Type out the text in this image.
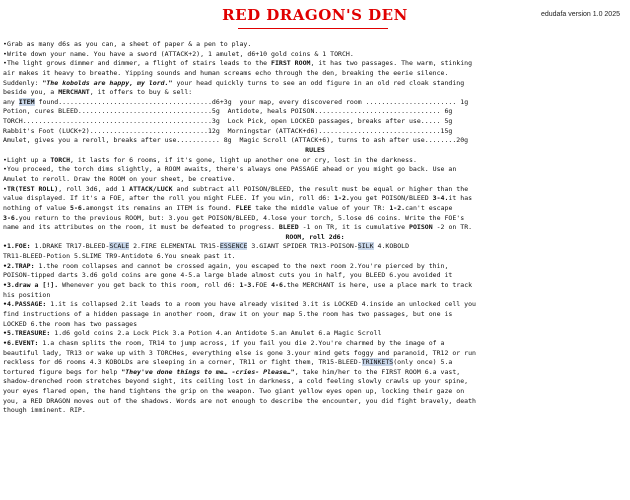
RED DRAGON'S DEN	edudafa version 1.0 2025
•Grab as many d6s as you can, a sheet of paper & a pen to play.
•Write down your name. You have a sword (ATTACK+2), 1 amulet, d6+10 gold coins & 1 TORCH.
•The light grows dimmer and dimmer, a flight of stairs leads to the FIRST ROOM, it has two passages. The warm, stinking
air makes it heavy to breathe. Yipping sounds and human screams echo through the den, breaking the eerie silence.
Suddenly: "The kobolds are happy, my lord." your head quickly turns to see an odd figure in an old red cloak standing
beside you, a MERCHANT, it offers to buy & sell:
any ITEM found.......................................d6+3g  your map, every discovered room ....................... 1g
Potion, cures BLEED..................................5g  Antidote, heals POISON................................ 6g
TORCH................................................3g  Lock Pick, open LOCKED passages, breaks after use..... 5g
Rabbit's Foot (LUCK+2)..............................12g  Morningstar (ATTACK+d6)...............................15g
Amulet, gives you a reroll, breaks after use........... 8g  Magic Scroll (ATTACK+6), turns to ash after use........20g
RULES
•Light up a TORCH, it lasts for 6 rooms, if it's gone, light up another one or cry, lost in the darkness.
•You proceed, the torch dims slightly, a ROOM awaits, there's always one PASSAGE ahead or you might go back. Use an
Amulet to reroll. Draw the ROOM on your sheet, be creative.
•TR(TEST ROLL), roll 3d6, add 1 ATTACK/LUCK and subtract all POISON/BLEED, the result must be equal or higher than the
value displayed. If it's a FOE, after the roll you might FLEE. If you win, roll d6: 1-2.you get POISON/BLEED 3-4.it has
nothing of value 5-6.amongst its remains an ITEM is found. FLEE take the middle value of your TR: 1-2.can't escape
3-6.you return to the previous ROOM, but: 3.you get POISON/BLEED, 4.lose your torch, 5.lose d6 coins. Write the FOE's
name and its attributes on the room, it must be defeated to progress. BLEED -1 on TR, it is cumulative POISON -2 on TR.
ROOM, roll 2d6:
•1.FOE: 1.DRAKE TR17-BLEED-SCALE 2.FIRE ELEMENTAL TR15-ESSENCE 3.GIANT SPIDER TR13-POISON-SILK 4.KOBOLD
TR11-BLEED-Potion 5.SLIME TR9-Antidote 6.You sneak past it.
•2.TRAP: 1.the room collapses and cannot be crossed again, you escaped to the next room 2.You're pierced by thin,
POISON-tipped darts 3.d6 gold coins are gone 4-5.a large blade almost cuts you in half, you BLEED 6.you avoided it
•3.draw a [!]. Whenever you get back to this room, roll d6: 1-3.FOE 4-6.the MERCHANT is here, use a place mark to track
his position
•4.PASSAGE: 1.it is collapsed 2.it leads to a room you have already visited 3.it is LOCKED 4.inside an unlocked cell you
find instructions of a hidden passage in another room, draw it on your map 5.the room has two passages, but one is
LOCKED 6.the room has two passages
•5.TREASURE: 1.d6 gold coins 2.a Lock Pick 3.a Potion 4.an Antidote 5.an Amulet 6.a Magic Scroll
•6.EVENT: 1.a chasm splits the room, TR14 to jump across, if you fail you die 2.You're charmed by the image of a
beautiful lady, TR13 or wake up with 3 TORCHes, everything else is gone 3.your mind gets foggy and paranoid, TR12 or run
reckless for d6 rooms 4.3 KOBOLDs are sleeping in a corner, TR11 or fight them, TR15-BLEED-TRINKETS(only once) 5.a
tortured figure begs for help "They've done things to me… -cries- Please…", take him/her to the FIRST ROOM 6.a vast,
shadow-drenched room stretches beyond sight, its ceiling lost in darkness, a cold feeling slowly crawls up your spine,
your eyes flared open, the hand tightens the grip on the weapon. Two giant yellow eyes open up, locking their gaze on
you, a RED DRAGON moves out of the shadows. Words are not enough to describe the encounter, you did fight bravely, death
though imminent. RIP.
